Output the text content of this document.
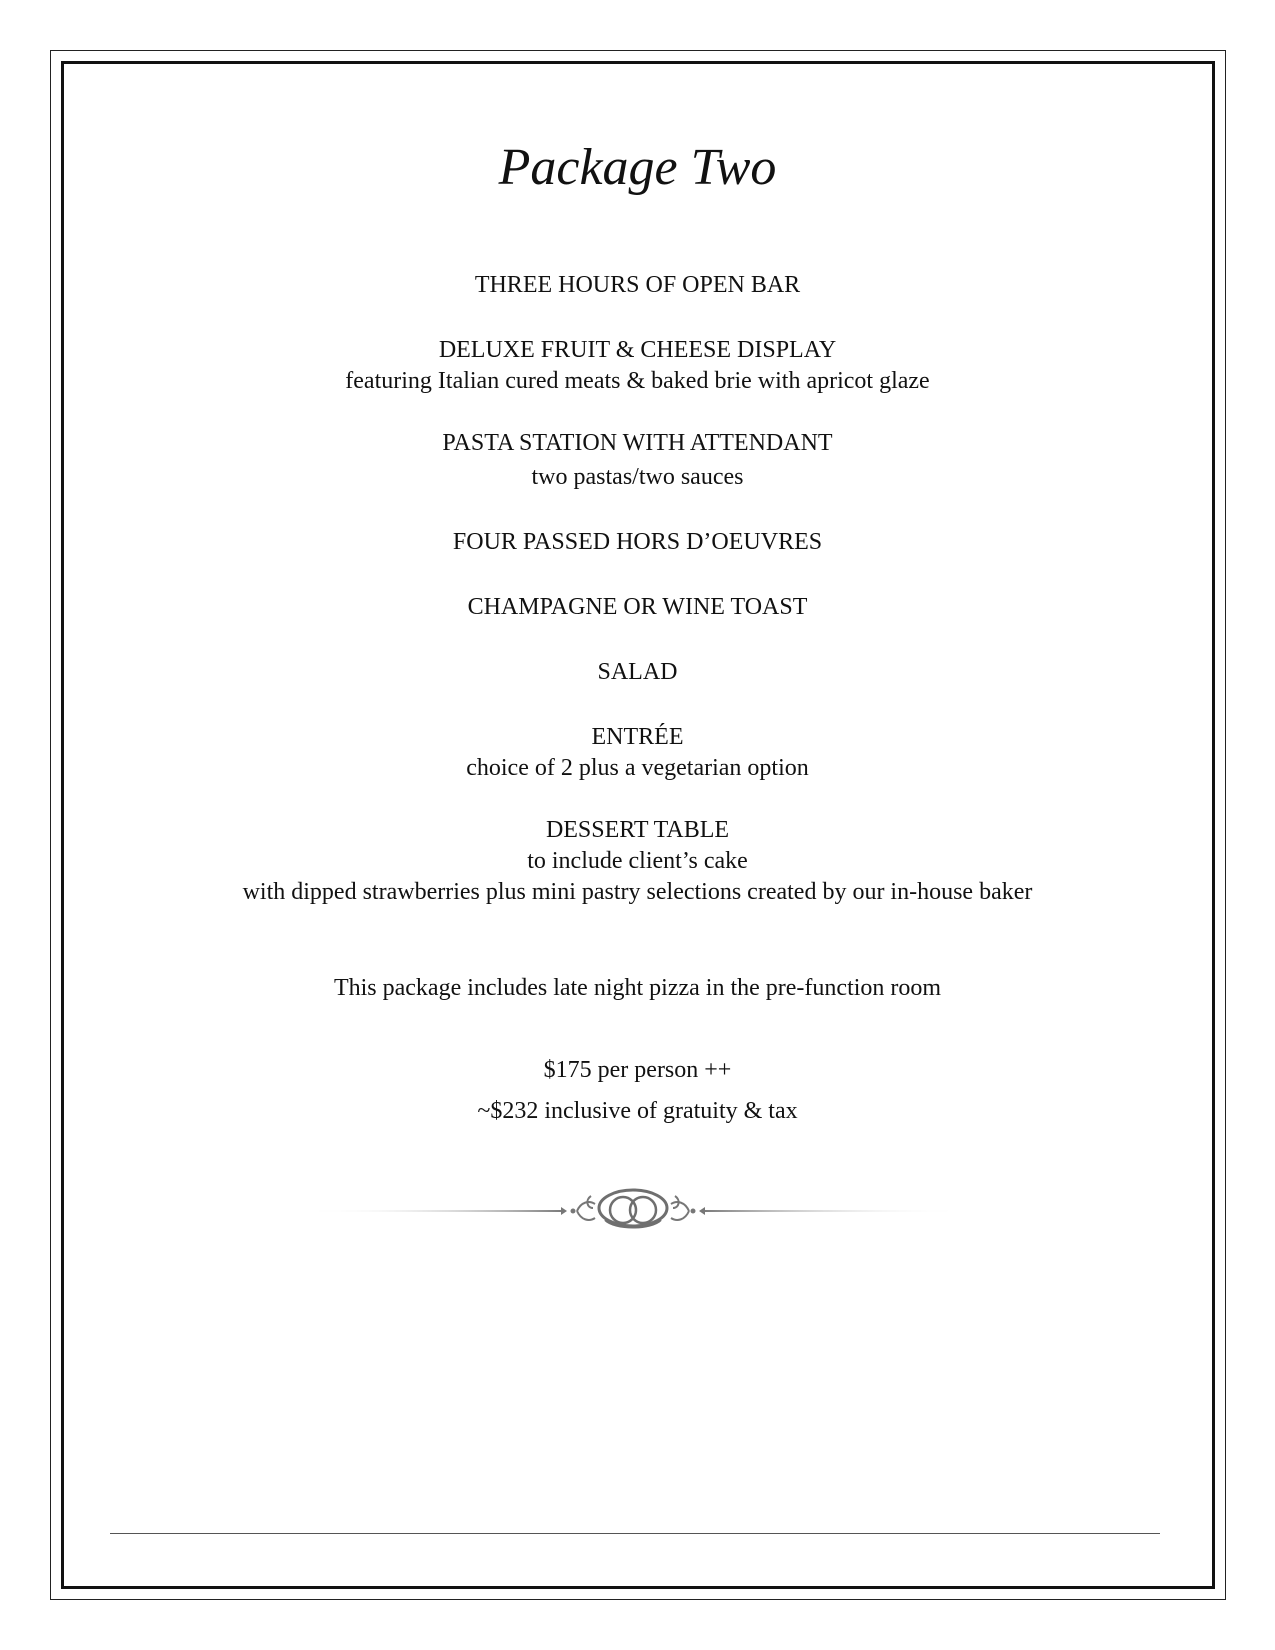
Package Two
THREE HOURS OF OPEN BAR
DELUXE FRUIT & CHEESE DISPLAY
featuring Italian cured meats & baked brie with apricot glaze
PASTA STATION WITH ATTENDANT
two pastas/two sauces
FOUR PASSED HORS D’OEUVRES
CHAMPAGNE OR WINE TOAST
SALAD
ENTRÉE
choice of 2 plus a vegetarian option
DESSERT TABLE
to include client’s cake
with dipped strawberries plus mini pastry selections created by our in-house baker
This package includes late night pizza in the pre-function room
$175 per person ++
~$232 inclusive of gratuity & tax
